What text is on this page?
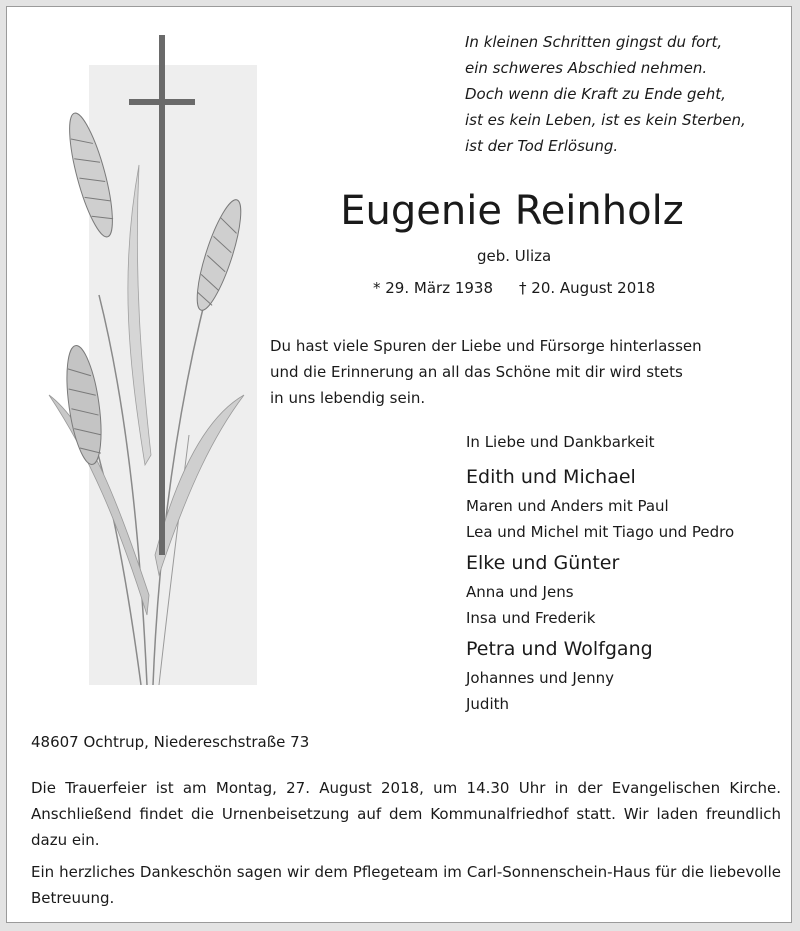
In kleinen Schritten gingst du fort,
ein schweres Abschied nehmen.
Doch wenn die Kraft zu Ende geht,
ist es kein Leben, ist es kein Sterben,
ist der Tod Erlösung.
Eugenie Reinholz
geb. Uliza
* 29. März 1938 † 20. August 2018
Du hast viele Spuren der Liebe und Fürsorge hinterlassen
und die Erinnerung an all das Schöne mit dir wird stets
in uns lebendig sein.
In Liebe und Dankbarkeit
Edith und Michael
Maren und Anders mit Paul
Lea und Michel mit Tiago und Pedro
Elke und Günter
Anna und Jens
Insa und Frederik
Petra und Wolfgang
Johannes und Jenny
Judith
48607 Ochtrup, Niedereschstraße 73
Die Trauerfeier ist am Montag, 27. August 2018, um 14.30 Uhr in der Evangelischen Kirche. Anschließend findet die Urnenbeisetzung auf dem Kommunalfriedhof statt. Wir laden freundlich dazu ein.
Ein herzliches Dankeschön sagen wir dem Pflegeteam im Carl-Sonnenschein-Haus für die liebevolle Betreuung.
